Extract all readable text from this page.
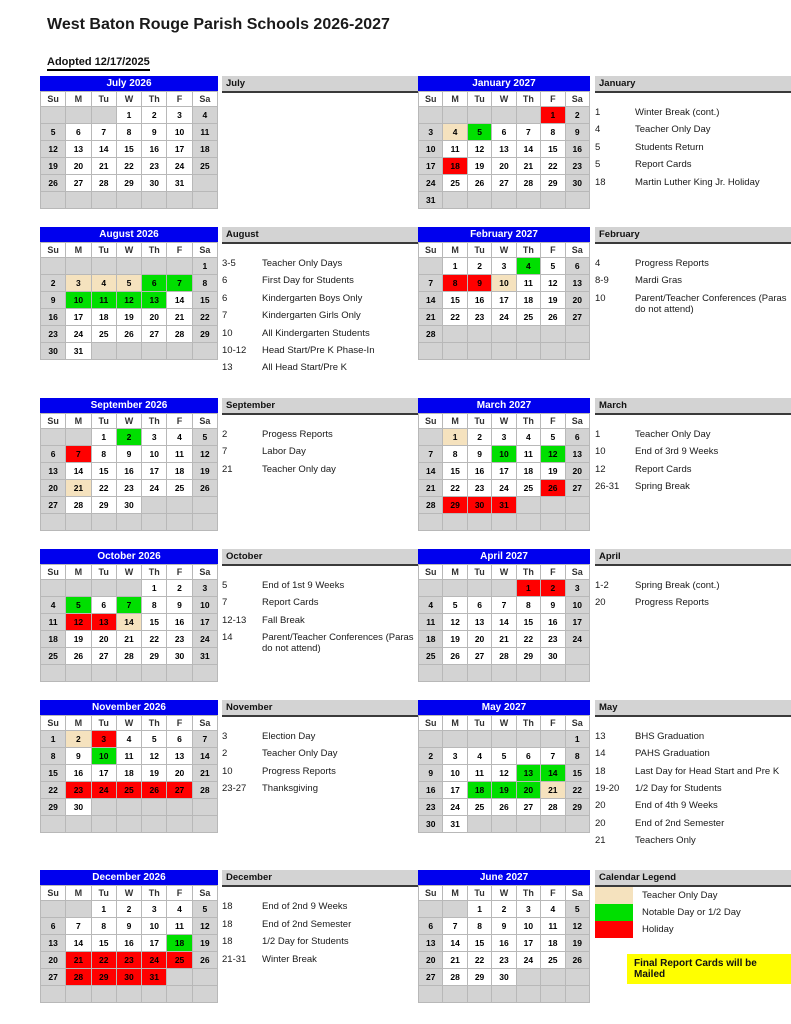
West Baton Rouge Parish Schools 2026-2027

Adopted 12/17/2025
July 2026
Su	M	Tu	W	Th	F	Sa
			1	2	3	4
5	6	7	8	9	10	11
12	13	14	15	16	17	18
19	20	21	22	23	24	25
26	27	28	29	30	31	

July	January 2027
Su	M	Tu	W	Th	F	Sa
					1	2
3	4	5	6	7	8	9
10	11	12	13	14	15	16
17	18	19	20	21	22	23
24	25	26	27	28	29	30
31						
January
1	Winter Break (cont.)
4	Teacher Only Day
5	Students Return
5	Report Cards
18	Martin Luther King Jr. Holiday
August 2026
Su	M	Tu	W	Th	F	Sa
						1
2	3	4	5	6	7	8
9	10	11	12	13	14	15
16	17	18	19	20	21	22
23	24	25	26	27	28	29
30	31					
August
3-5	Teacher Only Days
6	First Day for Students
6	Kindergarten Boys Only
7	Kindergarten Girls Only
10	All Kindergarten Students
10-12	Head Start/Pre K Phase-In
13	All Head Start/Pre K
February 2027
Su	M	Tu	W	Th	F	Sa
	1	2	3	4	5	6
7	8	9	10	11	12	13
14	15	16	17	18	19	20
21	22	23	24	25	26	27
28						

February
4	Progress Reports
8-9	Mardi Gras
10	Parent/Teacher Conferences (Paras do not attend)
September 2026
Su	M	Tu	W	Th	F	Sa
		1	2	3	4	5
6	7	8	9	10	11	12
13	14	15	16	17	18	19
20	21	22	23	24	25	26
27	28	29	30			

September
2	Progess Reports
7	Labor Day
21	Teacher Only day
March 2027
Su	M	Tu	W	Th	F	Sa
	1	2	3	4	5	6
7	8	9	10	11	12	13
14	15	16	17	18	19	20
21	22	23	24	25	26	27
28	29	30	31			

March
1	Teacher Only Day
10	End of 3rd 9 Weeks
12	Report Cards
26-31	Spring Break
October 2026
Su	M	Tu	W	Th	F	Sa
				1	2	3
4	5	6	7	8	9	10
11	12	13	14	15	16	17
18	19	20	21	22	23	24
25	26	27	28	29	30	31

October
5	End of 1st 9 Weeks
7	Report Cards
12-13	Fall Break
14	Parent/Teacher Conferences (Paras do not attend)
April 2027
Su	M	Tu	W	Th	F	Sa
				1	2	3
4	5	6	7	8	9	10
11	12	13	14	15	16	17
18	19	20	21	22	23	24
25	26	27	28	29	30	

April
1-2	Spring Break (cont.)
20	Progress Reports
November 2026
Su	M	Tu	W	Th	F	Sa
1	2	3	4	5	6	7
8	9	10	11	12	13	14
15	16	17	18	19	20	21
22	23	24	25	26	27	28
29	30					

November
3	Election Day
2	Teacher Only Day
10	Progress Reports
23-27	Thanksgiving
May 2027
Su	M	Tu	W	Th	F	Sa
						1
2	3	4	5	6	7	8
9	10	11	12	13	14	15
16	17	18	19	20	21	22
23	24	25	26	27	28	29
30	31					
May
13	BHS Graduation
14	PAHS Graduation
18	Last Day for Head Start and Pre K
19-20	1/2 Day for Students
20	End of 4th 9 Weeks
20	End of 2nd Semester
21	Teachers Only
December 2026
Su	M	Tu	W	Th	F	Sa
		1	2	3	4	5
6	7	8	9	10	11	12
13	14	15	16	17	18	19
20	21	22	23	24	25	26
27	28	29	30	31		

December
18	End of 2nd 9 Weeks
18	End of 2nd Semester
18	1/2 Day for Students
21-31	Winter Break
June 2027
Su	M	Tu	W	Th	F	Sa
		1	2	3	4	5
6	7	8	9	10	11	12
13	14	15	16	17	18	19
20	21	22	23	24	25	26
27	28	29	30			

Calendar Legend
Teacher Only Day
Notable Day or 1/2 Day
Holiday
Final Report Cards will be Mailed
